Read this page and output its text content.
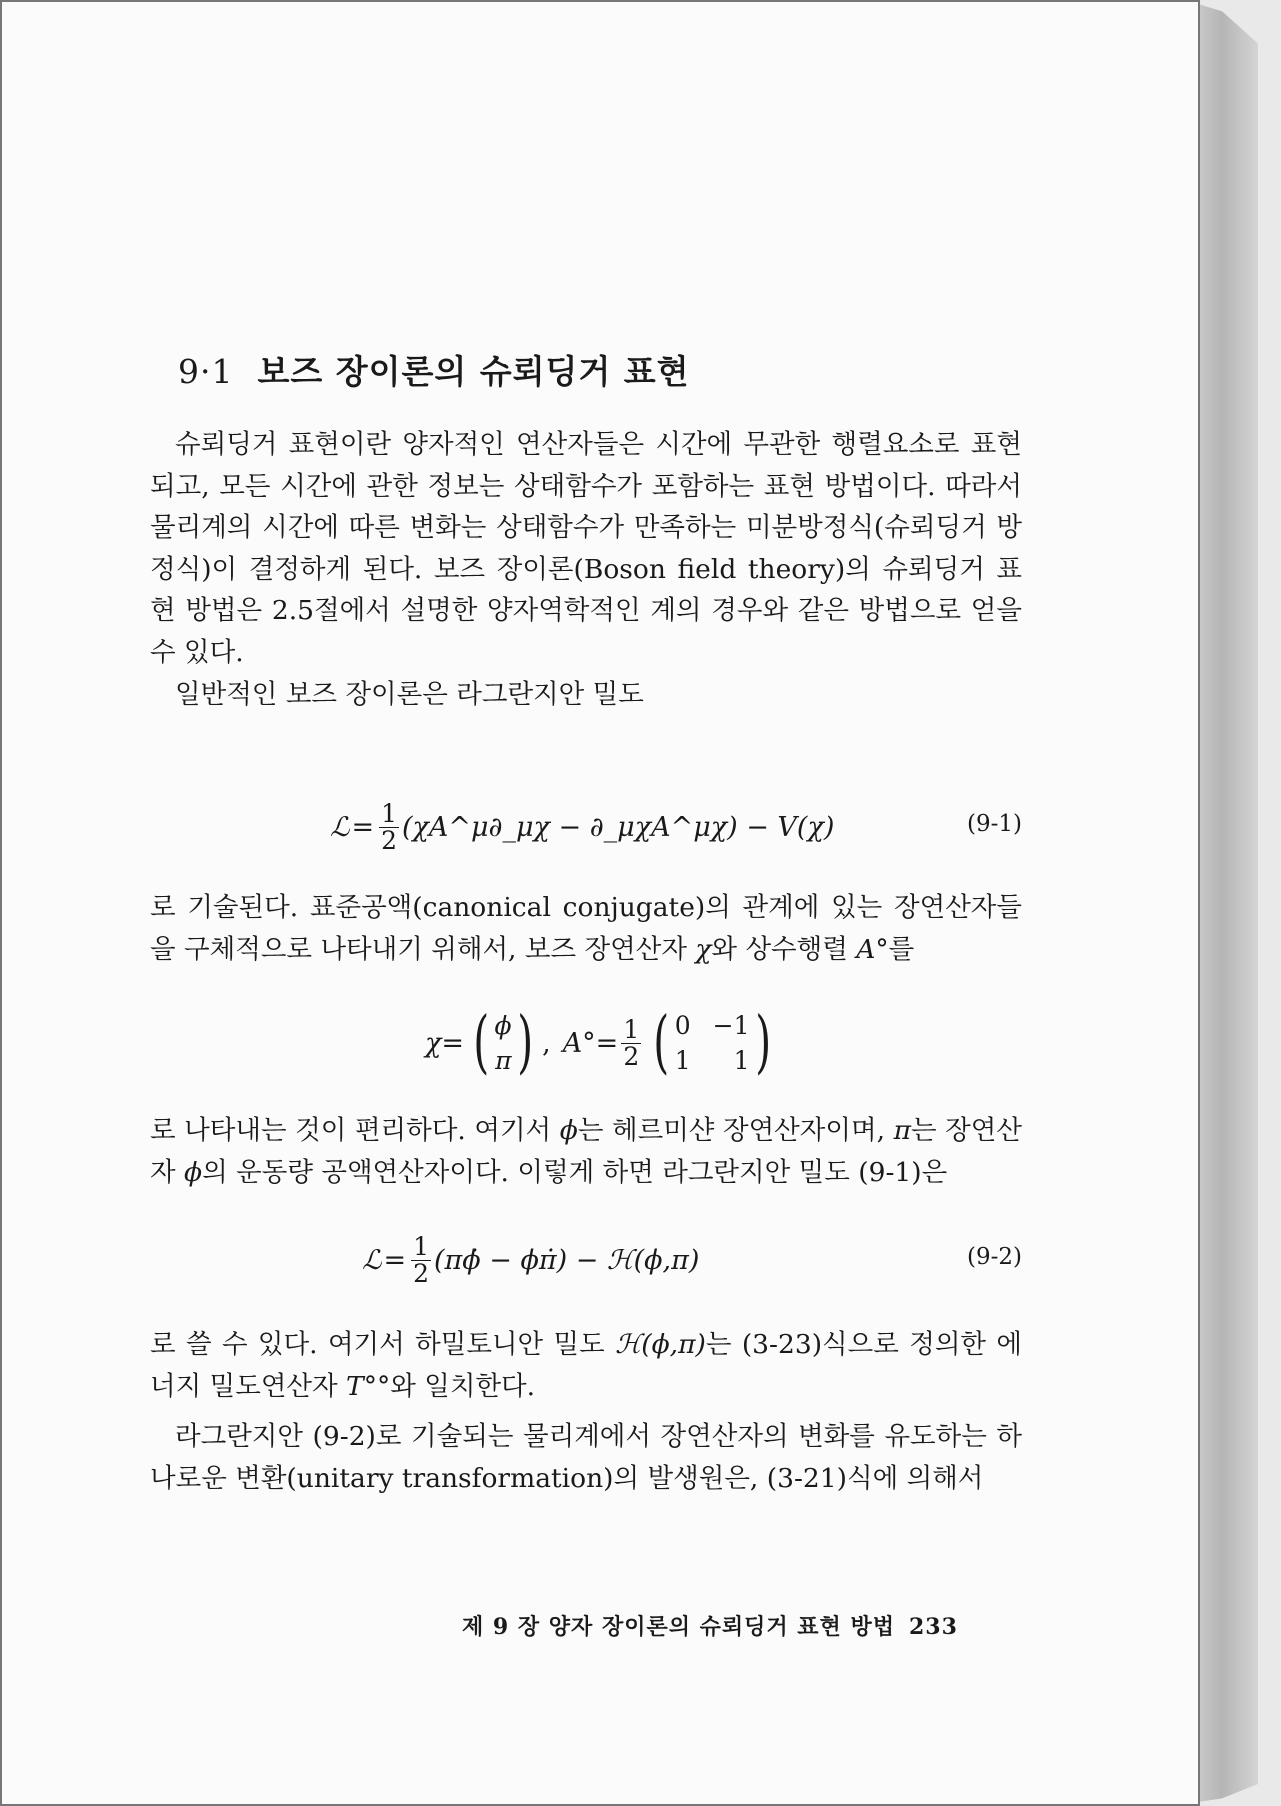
9·1 보즈 장이론의 슈뢰딩거 표현
슈뢰딩거 표현이란 양자적인 연산자들은 시간에 무관한 행렬요소로 표현되고, 모든 시간에 관한 정보는 상태함수가 포함하는 표현 방법이다. 따라서 물리계의 시간에 따른 변화는 상태함수가 만족하는 미분방정식(슈뢰딩거 방정식)이 결정하게 된다. 보즈 장이론(Boson field theory)의 슈뢰딩거 표현 방법은 2.5절에서 설명한 양자역학적인 계의 경우와 같은 방법으로 얻을 수 있다.
일반적인 보즈 장이론은 라그란지안 밀도
ℒ = $\frac{1}{2}$ (χA^μ∂_μχ − ∂_μχA^μχ) − V(χ)	(9-1)
로 기술된다. 표준공액(canonical conjugate)의 관계에 있는 장연산자들을 구체적으로 나타내기 위해서, 보즈 장연산자 χ와 상수행렬 A°를
χ= ( ϕ
π ) , $A^\circ= \frac{1}{2}$ ( 0 −1
1	1 )
로 나타내는 것이 편리하다. 여기서 ϕ는 헤르미샨 장연산자이며, π는 장연산자 ϕ의 운동량 공액연산자이다. 이렇게 하면 라그란지안 밀도 (9-1)은
ℒ = $\frac{1}{2}$ (πϕ̇ − ϕπ̇) − ℋ(ϕ,π)	(9-2)
로 쓸 수 있다. 여기서 하밀토니안 밀도 ℋ(ϕ,π)는 (3-23)식으로 정의한 에너지 밀도연산자 T°°와 일치한다.
라그란지안 (9-2)로 기술되는 물리계에서 장연산자의 변화를 유도하는 하나로운 변환(unitary transformation)의 발생원은, (3-21)식에 의해서
제 9 장 양자 장이론의 슈뢰딩거 표현 방법 233
